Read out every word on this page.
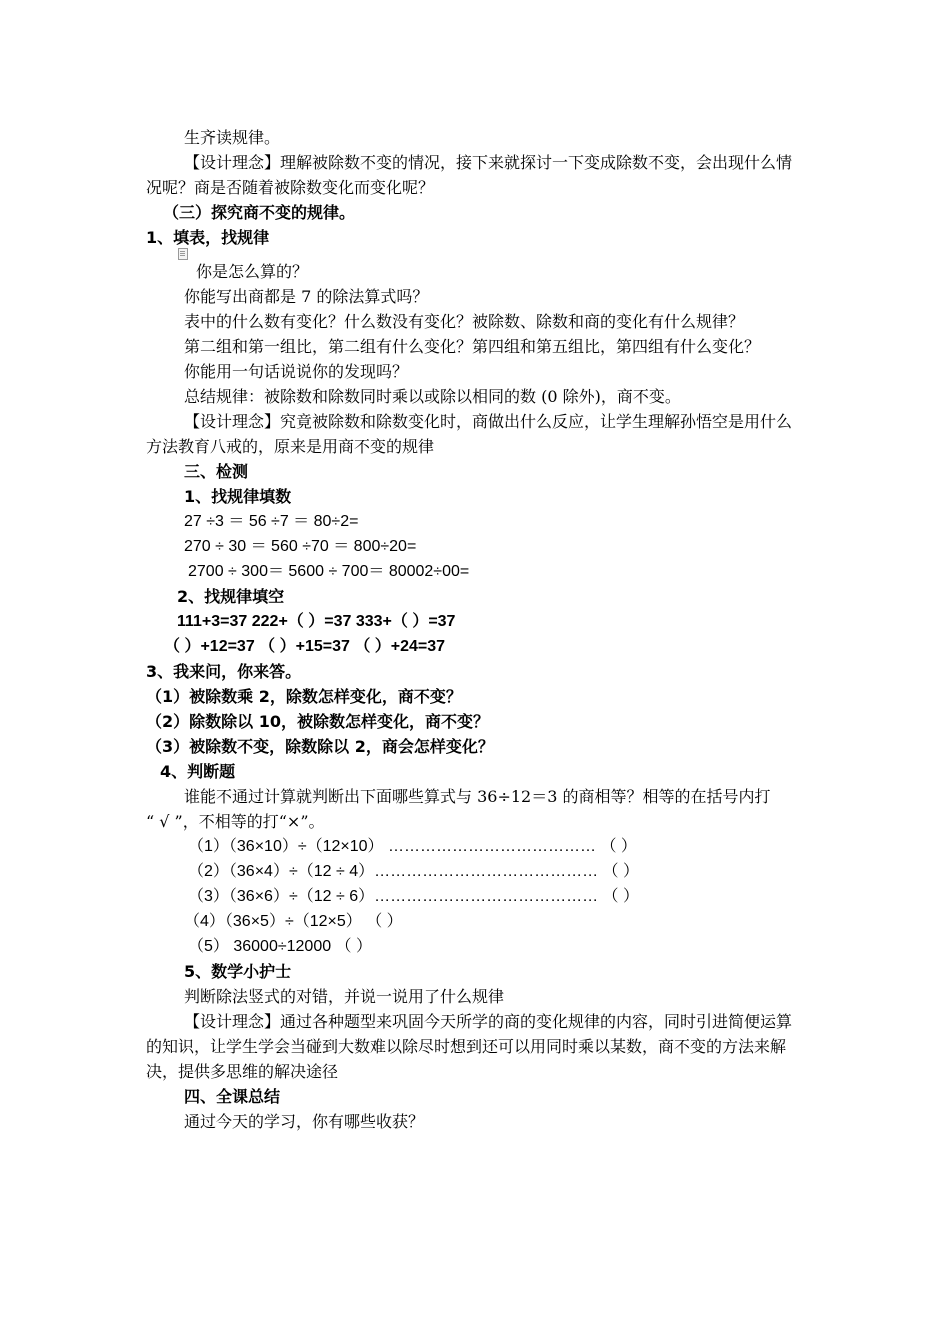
生齐读规律。
【设计理念】理解被除数不变的情况，接下来就探讨一下变成除数不变，会出现什么情
况呢？商是否随着被除数变化而变化呢？
（三）探究商不变的规律。
1、填表，找规律
你是怎么算的？
你能写出商都是 7 的除法算式吗？
表中的什么数有变化？什么数没有变化？被除数、除数和商的变化有什么规律？
第二组和第一组比，第二组有什么变化？第四组和第五组比，第四组有什么变化？
你能用一句话说说你的发现吗？
总结规律：被除数和除数同时乘以或除以相同的数 (0 除外)，商不变。
【设计理念】究竟被除数和除数变化时，商做出什么反应，让学生理解孙悟空是用什么
方法教育八戒的，原来是用商不变的规律
三、检测
1、找规律填数
27 ÷3 ＝ 56 ÷7 ＝ 80÷2=
270 ÷ 30 ＝ 560 ÷70 ＝ 800÷20=
2700 ÷ 300＝ 5600 ÷ 700＝ 80002÷00=
2、找规律填空
111+3=37 222+（ ）=37 333+（ ）=37
（ ）+12=37 （ ）+15=37 （ ）+24=37
3、我来问，你来答。
（1）被除数乘 2，除数怎样变化，商不变？
（2）除数除以 10，被除数怎样变化，商不变？
（3）被除数不变，除数除以 2，商会怎样变化？
4、判断题
谁能不通过计算就判断出下面哪些算式与 36÷12＝3 的商相等？相等的在括号内打
“ √ ”，不相等的打“×”。
（1）（36×10）÷（12×10） ………………………………… （ ）
（2）（36×4）÷（12 ÷ 4）…………………………………… （ ）
（3）（36×6）÷（12 ÷ 6）…………………………………… （ ）
（4）（36×5）÷（12×5） （ ）
（5） 36000÷12000 （ ）
5、数学小护士
判断除法竖式的对错，并说一说用了什么规律
【设计理念】通过各种题型来巩固今天所学的商的变化规律的内容，同时引进简便运算
的知识，让学生学会当碰到大数难以除尽时想到还可以用同时乘以某数，商不变的方法来解
决，提供多思维的解决途径
四、全课总结
通过今天的学习，你有哪些收获？
